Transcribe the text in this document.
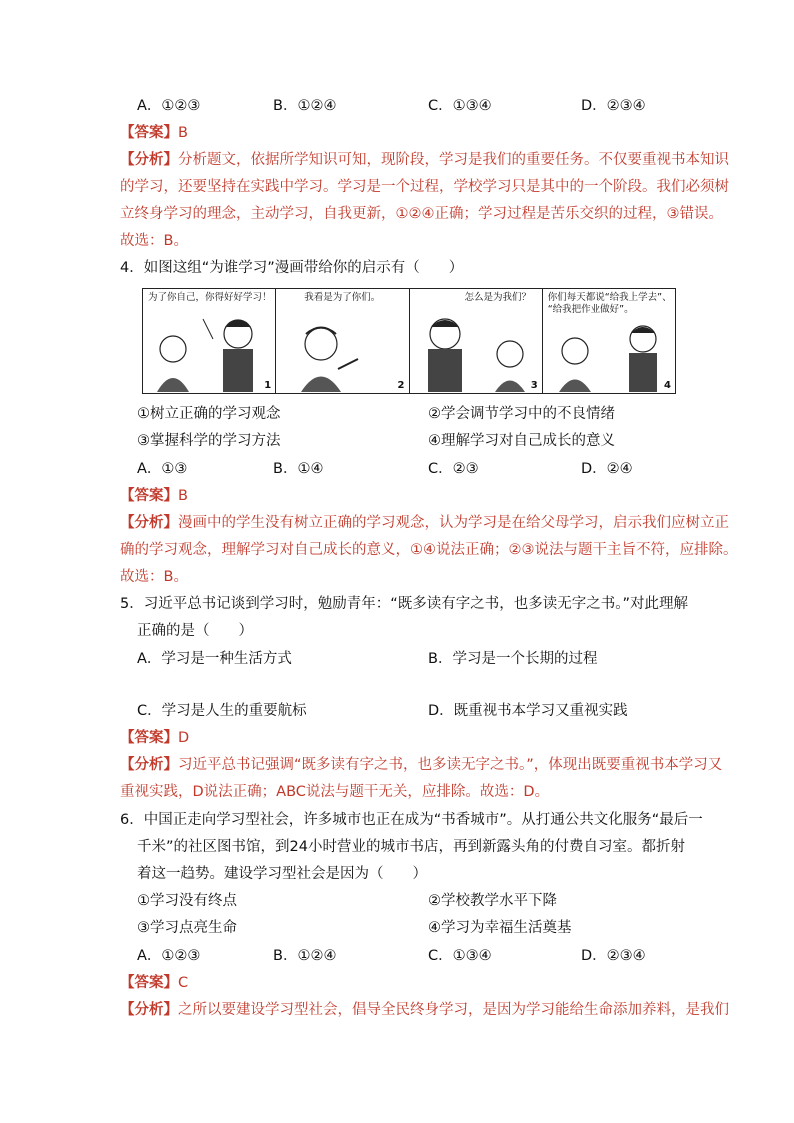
A．①②③	B．①②④	C．①③④	D．②③④
【答案】B
【分析】分析题文，依据所学知识可知，现阶段，学习是我们的重要任务。不仅要重视书本知识
的学习，还要坚持在实践中学习。学习是一个过程，学校学习只是其中的一个阶段。我们必须树
立终身学习的理念，主动学习，自我更新，①②④正确；学习过程是苦乐交织的过程，③错误。
故选：B。
4．如图这组“为谁学习”漫画带给你的启示有（　　）
为了你自己，你得好好学习！
1
我看是为了你们。
2
怎么是为我们？
3
你们每天都说“给我上学去”、
“给我把作业做好”。
4
①树立正确的学习观念	②学会调节学习中的不良情绪
③掌握科学的学习方法	④理解学习对自己成长的意义
A．①③	B．①④	C．②③	D．②④
【答案】B
【分析】漫画中的学生没有树立正确的学习观念，认为学习是在给父母学习，启示我们应树立正
确的学习观念，理解学习对自己成长的意义，①④说法正确；②③说法与题干主旨不符，应排除。
故选：B。
5．习近平总书记谈到学习时，勉励青年：“既多读有字之书，也多读无字之书。”对此理解
正确的是（　　）
A．学习是一种生活方式	B．学习是一个长期的过程
C．学习是人生的重要航标	D．既重视书本学习又重视实践
【答案】D
【分析】习近平总书记强调“既多读有字之书，也多读无字之书。”，体现出既要重视书本学习又
重视实践，D说法正确；ABC说法与题干无关，应排除。故选：D。
6．中国正走向学习型社会，许多城市也正在成为“书香城市”。从打通公共文化服务“最后一
千米”的社区图书馆，到24小时营业的城市书店，再到新露头角的付费自习室。都折射
着这一趋势。建设学习型社会是因为（　　）
①学习没有终点	②学校教学水平下降
③学习点亮生命	④学习为幸福生活奠基
A．①②③	B．①②④	C．①③④	D．②③④
【答案】C
【分析】之所以要建设学习型社会，倡导全民终身学习，是因为学习能给生命添加养料，是我们
